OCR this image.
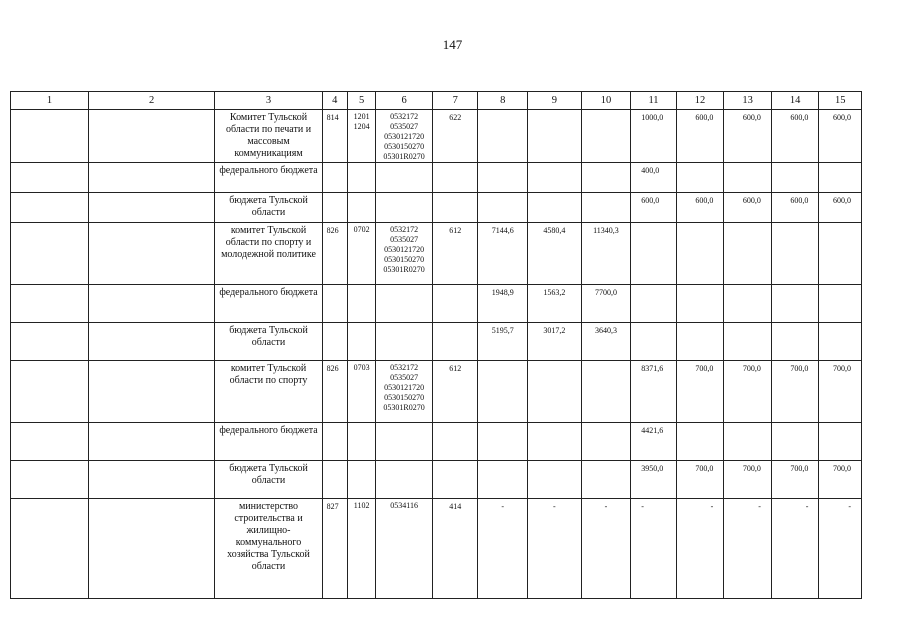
147
1	2	3	4	5	6	7	8	9	10	11	12	13	14	15
		Комитет Тульской области по печати и массовым коммуникациям	814	1201 1204	0532172 0535027 0530121720 0530150270 05301R0270	622				1000,0	600,0	600,0	600,0	600,0
		федерального бюджета								400,0				
		бюджета Тульской области								600,0	600,0	600,0	600,0	600,0
		комитет Тульской области по спорту и молодежной политике	826	0702	0532172 0535027 0530121720 0530150270 05301R0270	612	7144,6	4580,4	11340,3					
		федерального бюджета					1948,9	1563,2	7700,0					
		бюджета Тульской области					5195,7	3017,2	3640,3					
		комитет Тульской области по спорту	826	0703	0532172 0535027 0530121720 0530150270 05301R0270	612				8371,6	700,0	700,0	700,0	700,0
		федерального бюджета								4421,6				
		бюджета Тульской области								3950,0	700,0	700,0	700,0	700,0
		министерство строительства и жилищно-коммунального хозяйства Тульской области	827	1102	0534116	414	-	-	-	-	-	-	-	-
